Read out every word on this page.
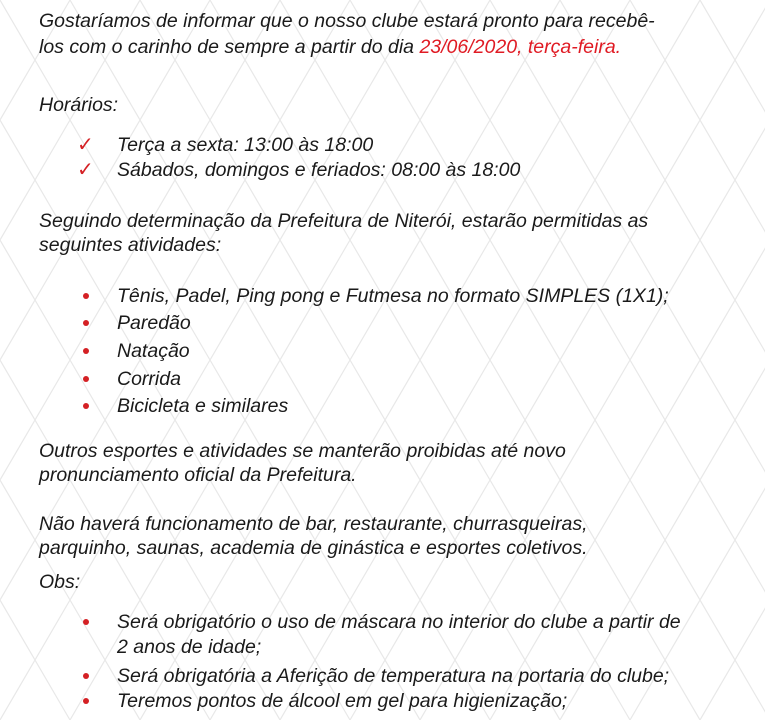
Gostaríamos de informar que o nosso clube estará pronto para recebê-

los com o carinho de sempre a partir do dia 23/06/2020, terça-feira.

Horários:

✓ Terça a sexta: 13:00 às 18:00
✓ Sábados, domingos e feriados: 08:00 às 18:00

Seguindo determinação da Prefeitura de Niterói, estarão permitidas as

seguintes atividades:

Tênis, Padel, Ping pong e Futmesa no formato SIMPLES (1X1);
Paredão
Natação
Corrida
Bicicleta e similares

Outros esportes e atividades se manterão proibidas até novo

pronunciamento oficial da Prefeitura.

Não haverá funcionamento de bar, restaurante, churrasqueiras,

parquinho, saunas, academia de ginástica e esportes coletivos.

Obs:

Será obrigatório o uso de máscara no interior do clube a partir de
2 anos de idade;
Será obrigatória a Aferição de temperatura na portaria do clube;
Teremos pontos de álcool em gel para higienização;
